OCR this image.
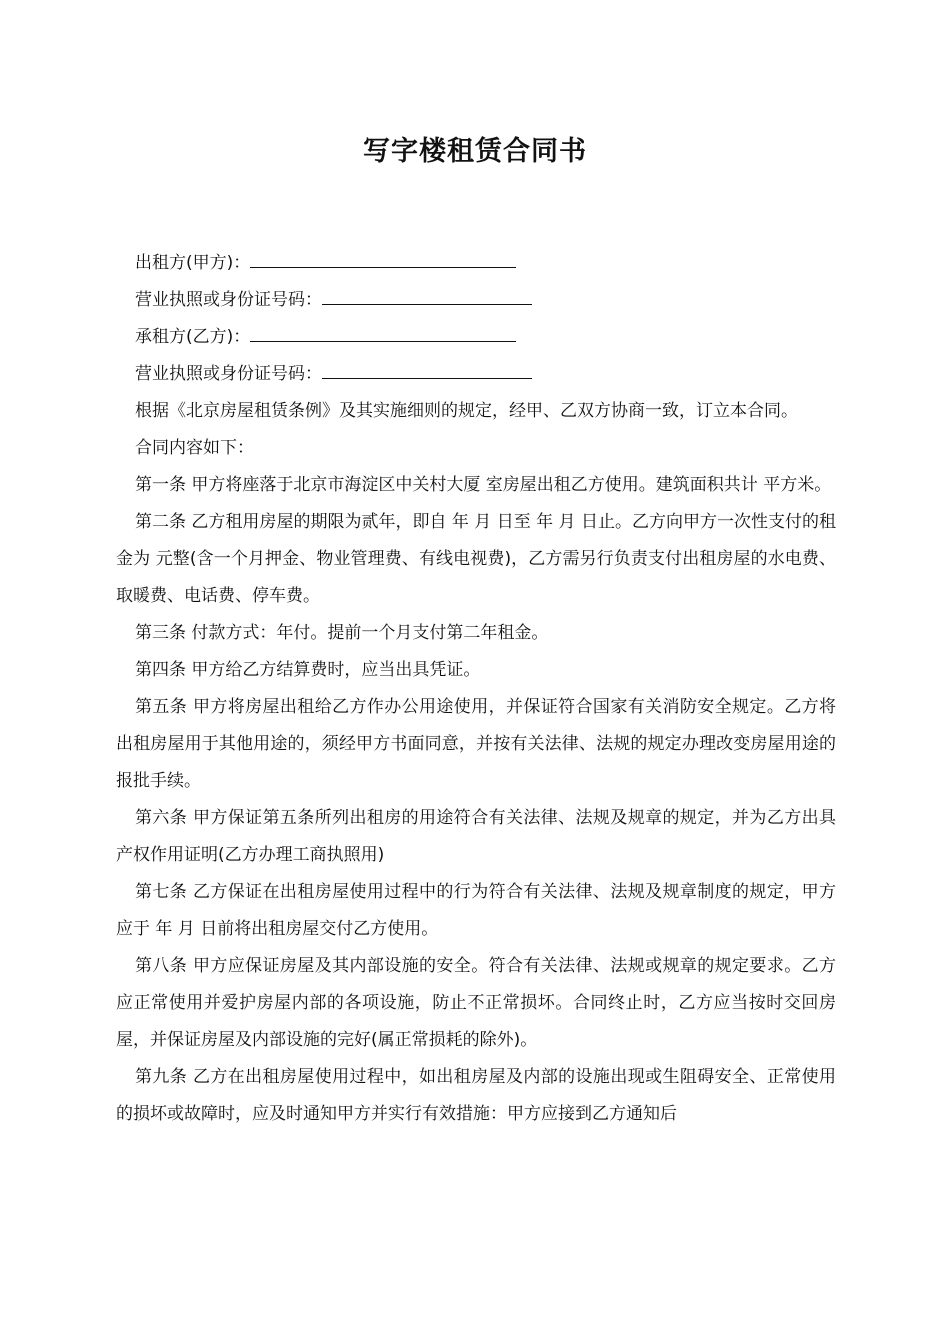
写字楼租赁合同书
出租方(甲方)：
营业执照或身份证号码：
承租方(乙方)：
营业执照或身份证号码：

根据《北京房屋租赁条例》及其实施细则的规定，经甲、乙双方协商一致，订立本合同。

合同内容如下：

第一条 甲方将座落于北京市海淀区中关村大厦 室房屋出租乙方使用。建筑面积共计 平方米。

第二条 乙方租用房屋的期限为贰年，即自 年 月 日至 年 月 日止。乙方向甲方一次性支付的租金为 元整(含一个月押金、物业管理费、有线电视费)，乙方需另行负责支付出租房屋的水电费、取暖费、电话费、停车费。

第三条 付款方式：年付。提前一个月支付第二年租金。

第四条 甲方给乙方结算费时，应当出具凭证。

第五条 甲方将房屋出租给乙方作办公用途使用，并保证符合国家有关消防安全规定。乙方将出租房屋用于其他用途的，须经甲方书面同意，并按有关法律、法规的规定办理改变房屋用途的报批手续。

第六条 甲方保证第五条所列出租房的用途符合有关法律、法规及规章的规定，并为乙方出具产权作用证明(乙方办理工商执照用)

第七条 乙方保证在出租房屋使用过程中的行为符合有关法律、法规及规章制度的规定，甲方应于 年 月 日前将出租房屋交付乙方使用。

第八条 甲方应保证房屋及其内部设施的安全。符合有关法律、法规或规章的规定要求。乙方应正常使用并爱护房屋内部的各项设施，防止不正常损坏。合同终止时，乙方应当按时交回房屋，并保证房屋及内部设施的完好(属正常损耗的除外)。

第九条 乙方在出租房屋使用过程中，如出租房屋及内部的设施出现或生阻碍安全、正常使用的损坏或故障时，应及时通知甲方并实行有效措施：甲方应接到乙方通知后
